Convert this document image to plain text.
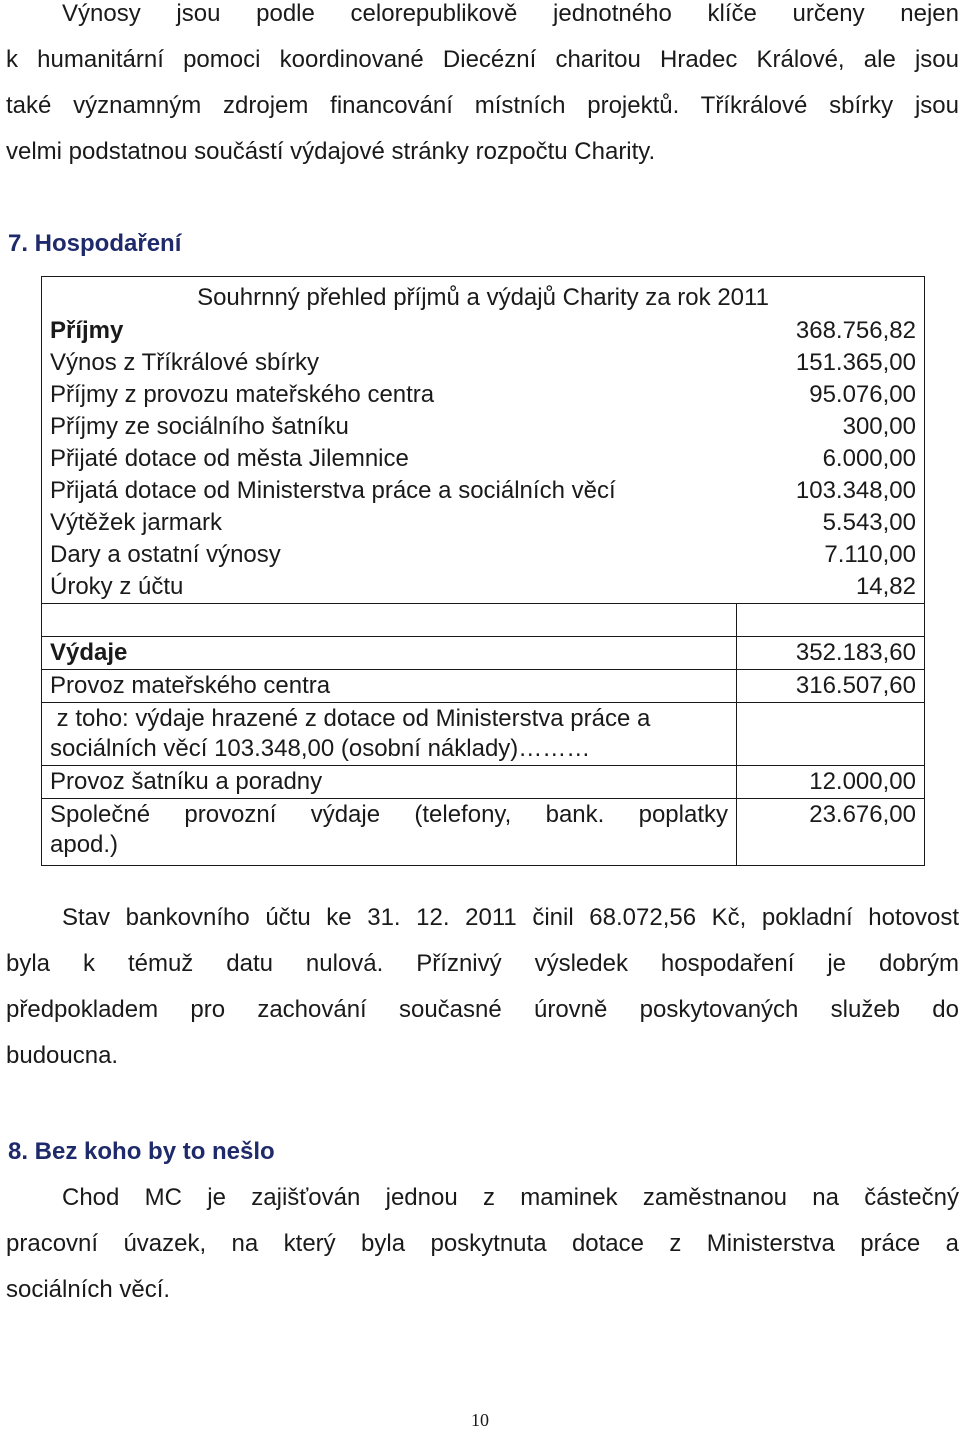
Výnosy jsou podle celorepublikově jednotného klíče určeny nejen
k humanitární pomoci koordinované Diecézní charitou Hradec Králové, ale jsou
také významným zdrojem financování místních projektů. Tříkrálové sbírky jsou
velmi podstatnou součástí výdajové stránky rozpočtu Charity.
7. Hospodaření
Souhrnný přehled příjmů a výdajů Charity za rok 2011	
Příjmy	368.756,82
Výnos z Tříkrálové sbírky	151.365,00
Příjmy z provozu mateřského centra	95.076,00
Příjmy ze sociálního šatníku	300,00
Přijaté dotace od města Jilemnice	6.000,00
Přijatá dotace od Ministerstva práce a sociálních věcí	103.348,00
Výtěžek jarmark	5.543,00
Dary a ostatní výnosy	7.110,00
Úroky z účtu	14,82

Výdaje	352.183,60
Provoz mateřského centra	316.507,60

z toho: výdaje hrazené z dotace od Ministerstva práce a
sociálních věcí 103.348,00 (osobní náklady)………	

Provoz šatníku a poradny	12.000,00

Společné provozní výdaje (telefony, bank. poplatky
apod.)	23.676,00
Stav bankovního účtu ke 31. 12. 2011 činil 68.072,56 Kč, pokladní hotovost
byla k témuž datu nulová. Příznivý výsledek hospodaření je dobrým
předpokladem pro zachování současné úrovně poskytovaných služeb do
budoucna.
8. Bez koho by to nešlo
Chod MC je zajišťován jednou z maminek zaměstnanou na částečný
pracovní úvazek, na který byla poskytnuta dotace z Ministerstva práce a
sociálních věcí.
10
